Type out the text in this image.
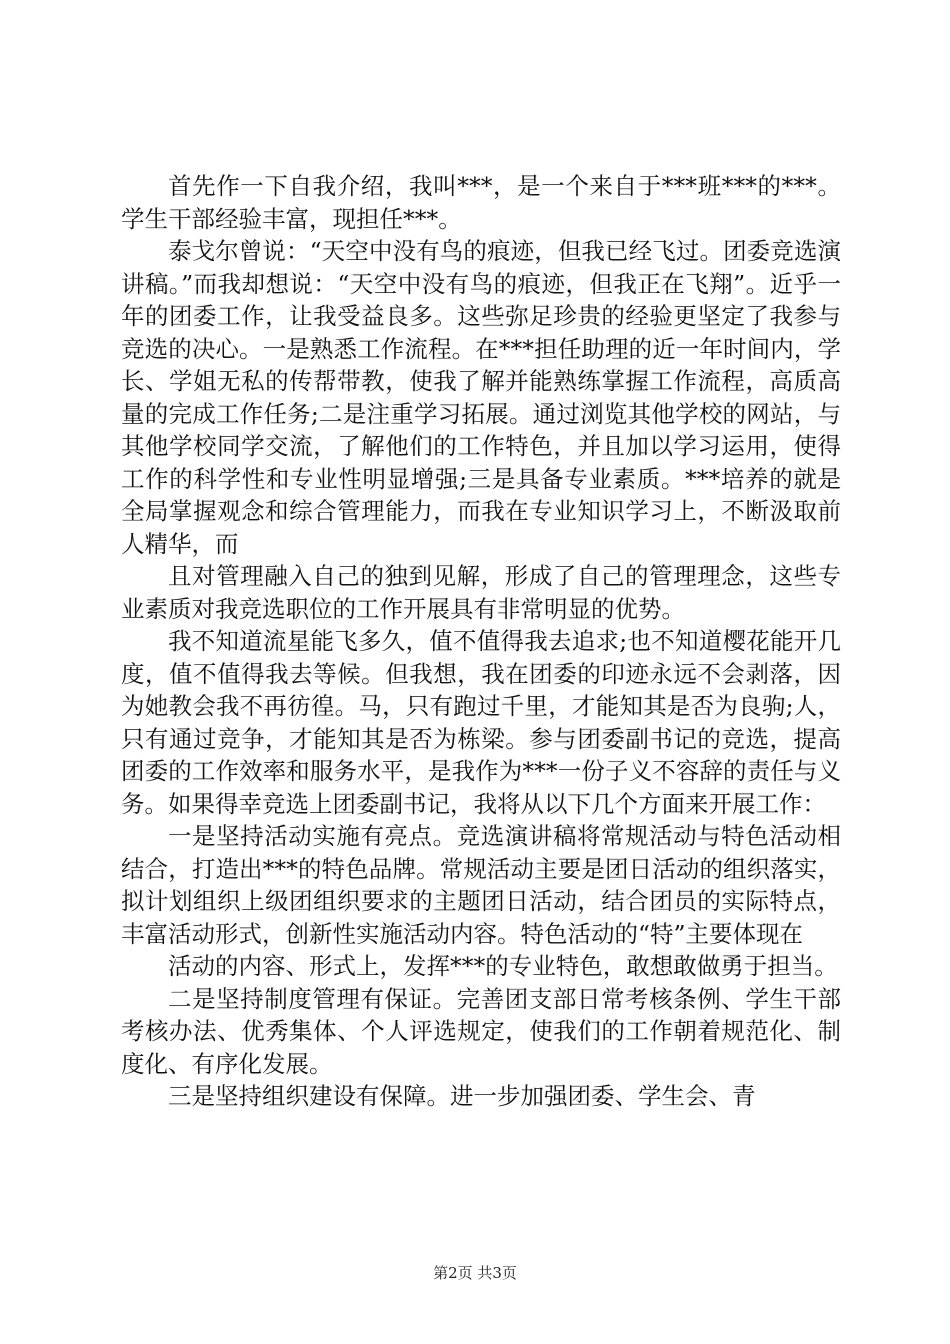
首先作一下自我介绍，我叫***，是一个来自于***班***的***。学生干部经验丰富，现担任***。

泰戈尔曾说：“天空中没有鸟的痕迹，但我已经飞过。团委竞选演讲稿。”而我却想说：“天空中没有鸟的痕迹，但我正在飞翔”。近乎一年的团委工作，让我受益良多。这些弥足珍贵的经验更坚定了我参与竞选的决心。一是熟悉工作流程。在***担任助理的近一年时间内，学长、学姐无私的传帮带教，使我了解并能熟练掌握工作流程，高质高量的完成工作任务;二是注重学习拓展。通过浏览其他学校的网站，与其他学校同学交流，了解他们的工作特色，并且加以学习运用，使得工作的科学性和专业性明显增强;三是具备专业素质。***培养的就是全局掌握观念和综合管理能力，而我在专业知识学习上，不断汲取前人精华，而

且对管理融入自己的独到见解，形成了自己的管理理念，这些专业素质对我竞选职位的工作开展具有非常明显的优势。

我不知道流星能飞多久，值不值得我去追求;也不知道樱花能开几度，值不值得我去等候。但我想，我在团委的印迹永远不会剥落，因为她教会我不再彷徨。马，只有跑过千里，才能知其是否为良驹;人，只有通过竞争，才能知其是否为栋梁。参与团委副书记的竞选，提高团委的工作效率和服务水平，是我作为***一份子义不容辞的责任与义务。如果得幸竞选上团委副书记，我将从以下几个方面来开展工作：

一是坚持活动实施有亮点。竞选演讲稿将常规活动与特色活动相结合，打造出***的特色品牌。常规活动主要是团日活动的组织落实，拟计划组织上级团组织要求的主题团日活动，结合团员的实际特点，丰富活动形式，创新性实施活动内容。特色活动的“特”主要体现在

活动的内容、形式上，发挥***的专业特色，敢想敢做勇于担当。

二是坚持制度管理有保证。完善团支部日常考核条例、学生干部考核办法、优秀集体、个人评选规定，使我们的工作朝着规范化、制度化、有序化发展。

三是坚持组织建设有保障。进一步加强团委、学生会、青

第2页 共3页
